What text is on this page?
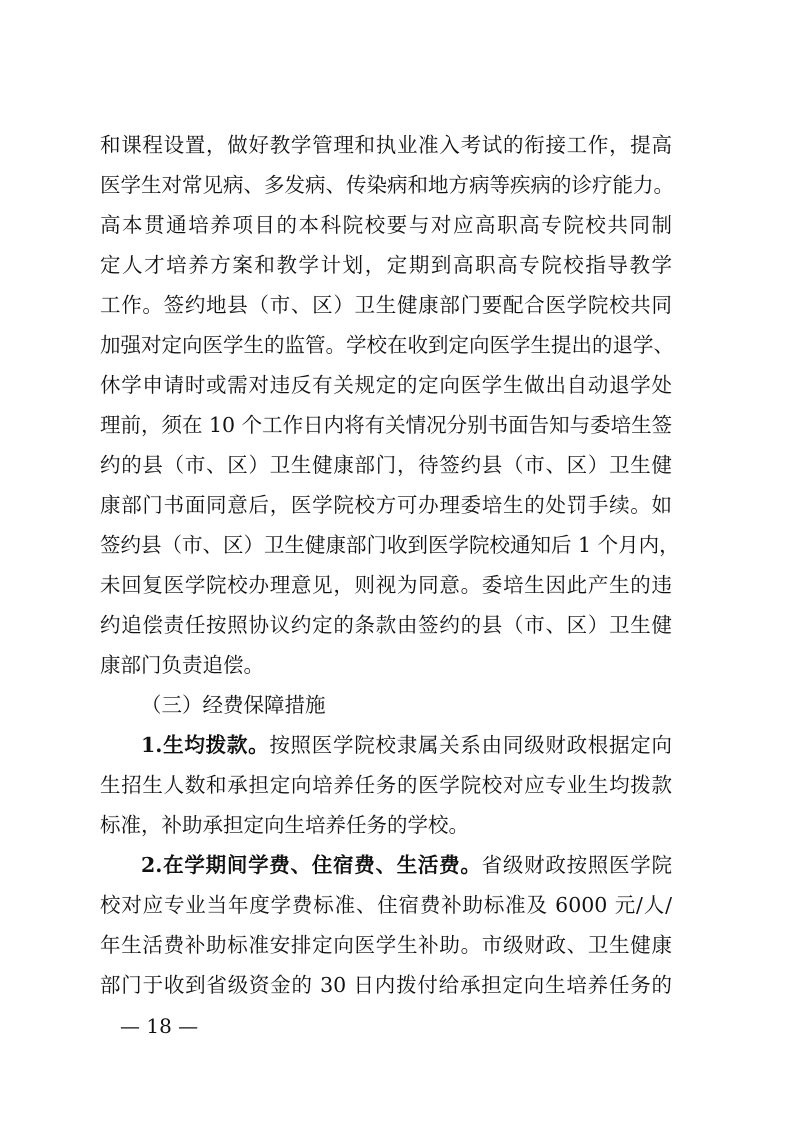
和课程设置，做好教学管理和执业准入考试的衔接工作，提高
医学生对常见病、多发病、传染病和地方病等疾病的诊疗能力。
高本贯通培养项目的本科院校要与对应高职高专院校共同制
定人才培养方案和教学计划，定期到高职高专院校指导教学
工作。签约地县（市、区）卫生健康部门要配合医学院校共同
加强对定向医学生的监管。学校在收到定向医学生提出的退学、
休学申请时或需对违反有关规定的定向医学生做出自动退学处
理前，须在 10 个工作日内将有关情况分别书面告知与委培生签
约的县（市、区）卫生健康部门，待签约县（市、区）卫生健
康部门书面同意后，医学院校方可办理委培生的处罚手续。如
签约县（市、区）卫生健康部门收到医学院校通知后 1 个月内，
未回复医学院校办理意见，则视为同意。委培生因此产生的违
约追偿责任按照协议约定的条款由签约的县（市、区）卫生健
康部门负责追偿。
（三）经费保障措施
1.生均拨款。按照医学院校隶属关系由同级财政根据定向
生招生人数和承担定向培养任务的医学院校对应专业生均拨款
标准，补助承担定向生培养任务的学校。
2.在学期间学费、住宿费、生活费。省级财政按照医学院
校对应专业当年度学费标准、住宿费补助标准及 6000 元/人/
年生活费补助标准安排定向医学生补助。市级财政、卫生健康
部门于收到省级资金的 30 日内拨付给承担定向生培养任务的
— 18 —
